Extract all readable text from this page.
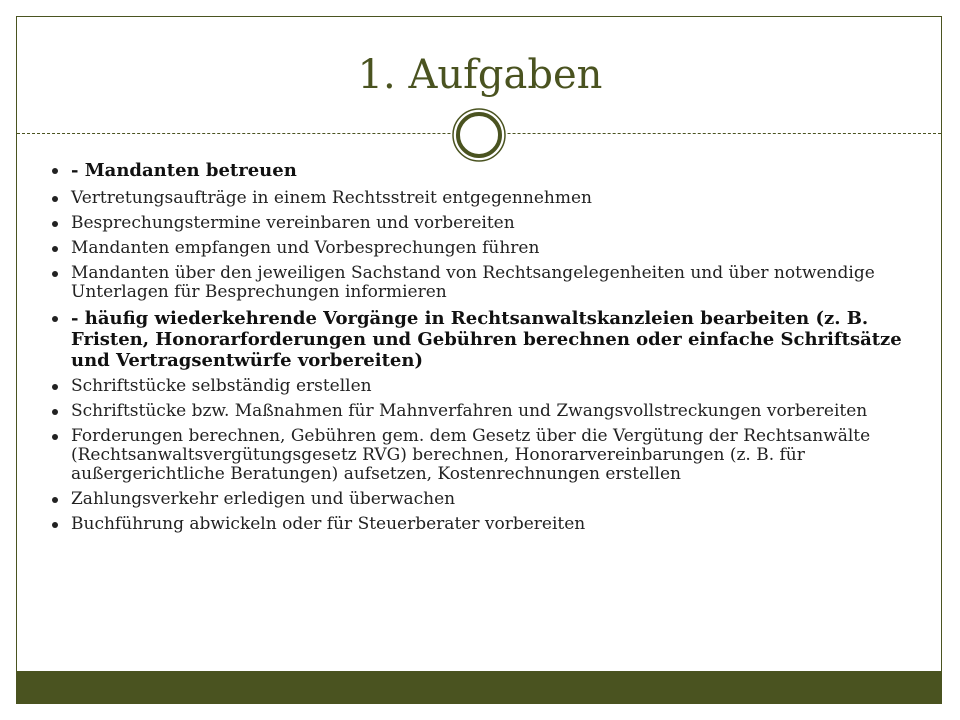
1. Aufgaben
- Mandanten betreuen
Vertretungsaufträge in einem Rechtsstreit entgegennehmen
Besprechungstermine vereinbaren und vorbereiten
Mandanten empfangen und Vorbesprechungen führen
Mandanten über den jeweiligen Sachstand von Rechtsangelegenheiten und über notwendige Unterlagen für Besprechungen informieren
- häufig wiederkehrende Vorgänge in Rechtsanwaltskanzleien bearbeiten (z. B. Fristen, Honorarforderungen und Gebühren berechnen oder einfache Schriftsätze und Vertragsentwürfe vorbereiten)
Schriftstücke selbständig erstellen
Schriftstücke bzw. Maßnahmen für Mahnverfahren und Zwangsvollstreckungen vorbereiten
Forderungen berechnen, Gebühren gem. dem Gesetz über die Vergütung der Rechtsanwälte (Rechtsanwaltsvergütungsgesetz RVG) berechnen, Honorarvereinbarungen (z. B. für außergerichtliche Beratungen) aufsetzen, Kostenrechnungen erstellen
Zahlungsverkehr erledigen und überwachen
Buchführung abwickeln oder für Steuerberater vorbereiten
